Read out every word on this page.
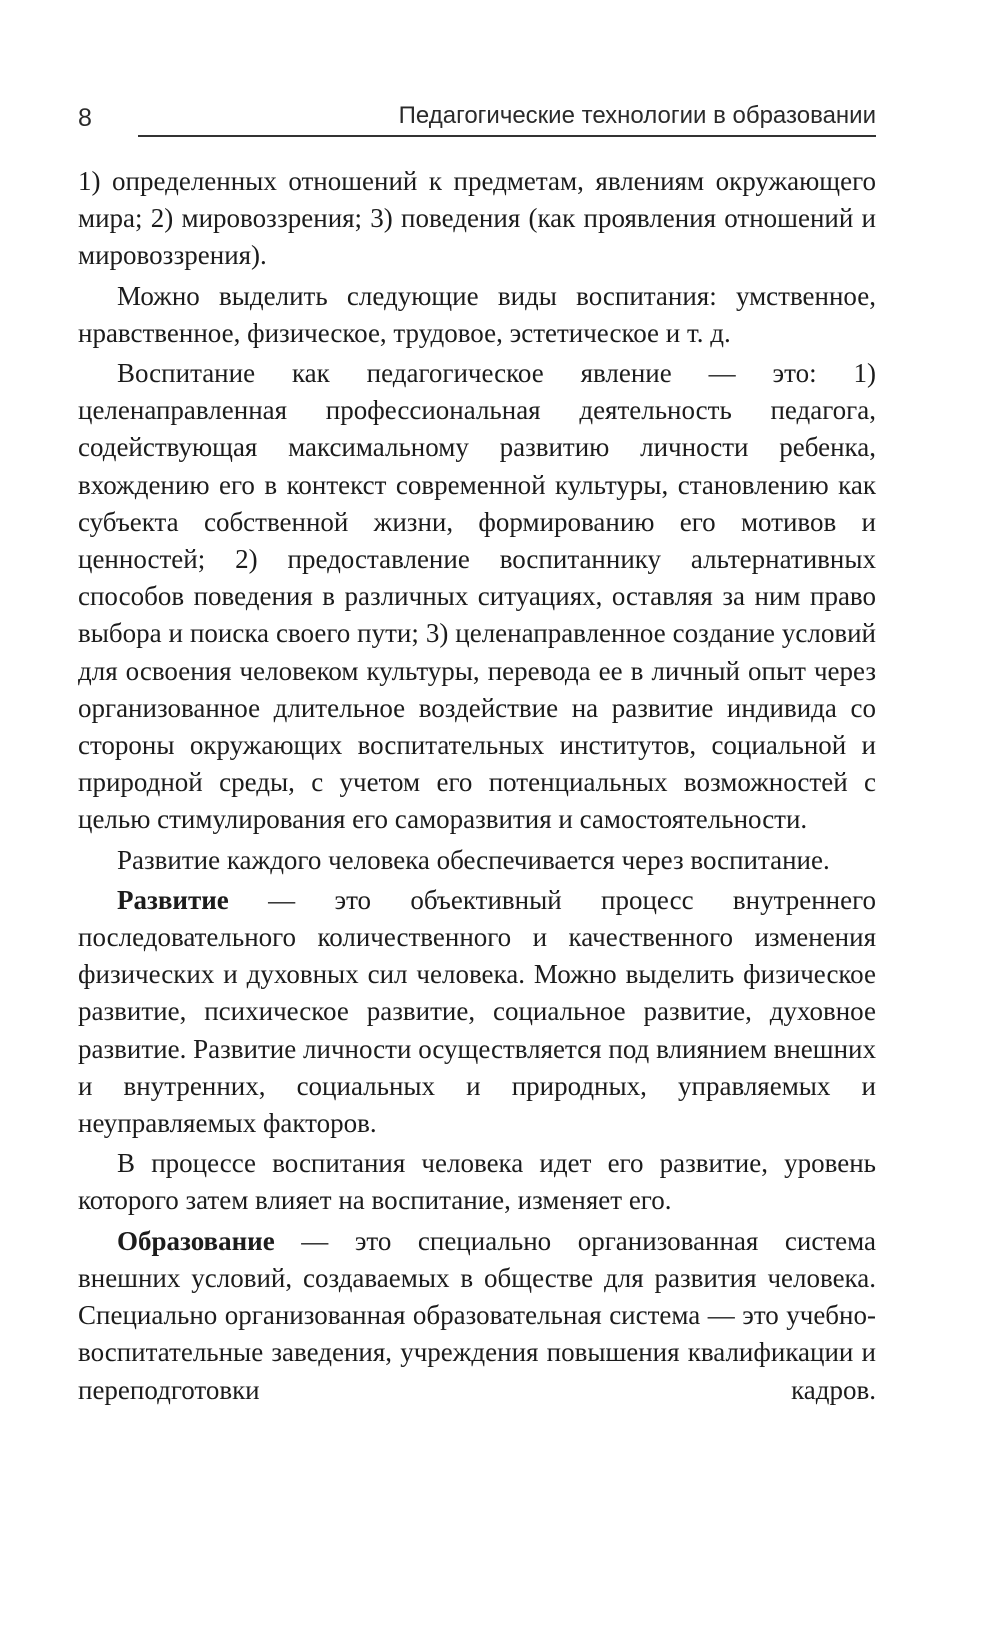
8	Педагогические технологии в образовании

1) определенных отношений к предметам, явлениям окружающего мира; 2) мировоззрения; 3) поведения (как проявления отношений и мировоззрения).

Можно выделить следующие виды воспитания: умственное, нравственное, физическое, трудовое, эстетическое и т. д.

Воспитание как педагогическое явление — это: 1) целенаправленная профессиональная деятельность педагога, содействующая максимальному развитию личности ребенка, вхождению его в контекст современной культуры, становлению как субъекта собственной жизни, формированию его мотивов и ценностей; 2) предоставление воспитаннику альтернативных способов поведения в различных ситуациях, оставляя за ним право выбора и поиска своего пути; 3) целенаправленное создание условий для освоения человеком культуры, перевода ее в личный опыт через организованное длительное воздействие на развитие индивида со стороны окружающих воспитательных институтов, социальной и природной среды, с учетом его потенциальных возможностей с целью стимулирования его саморазвития и самостоятельности.

Развитие каждого человека обеспечивается через воспитание.

Развитие — это объективный процесс внутреннего последовательного количественного и качественного изменения физических и духовных сил человека. Можно выделить физическое развитие, психическое развитие, социальное развитие, духовное развитие. Развитие личности осуществляется под влиянием внешних и внутренних, социальных и природных, управляемых и неуправляемых факторов.

В процессе воспитания человека идет его развитие, уровень которого затем влияет на воспитание, изменяет его.

Образование — это специально организованная система внешних условий, создаваемых в обществе для развития человека. Специально организованная образовательная система — это учебно-воспитательные заведения, учреждения повышения квалификации и переподготовки кадров.
